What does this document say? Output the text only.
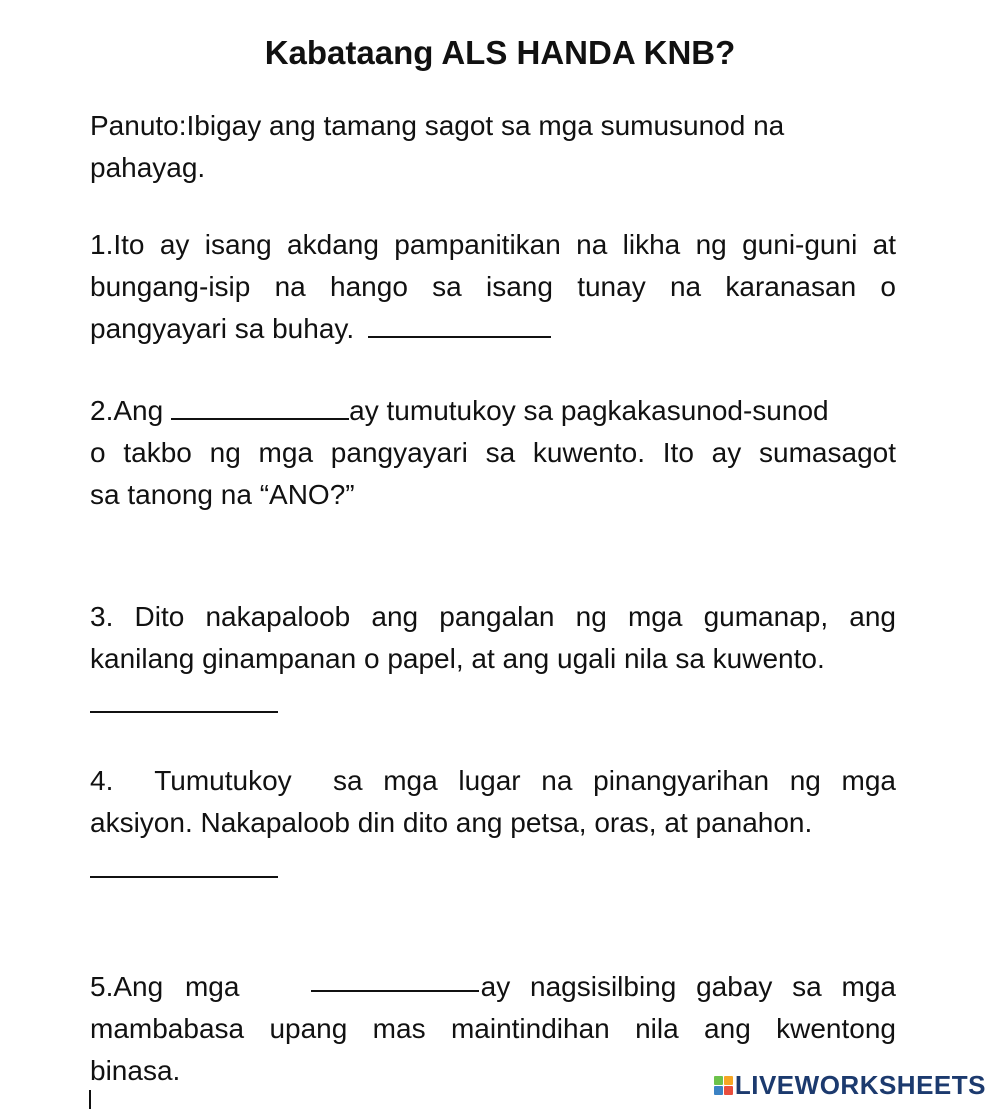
Kabataang ALS HANDA KNB?
Panuto:Ibigay ang tamang sagot sa mga sumusunod na
pahayag.
1.Ito ay isang akdang pampanitikan na likha ng guni-guni at
bungang-isip na hango sa isang tunay na karanasan o
pangyayari sa buhay.
2.Ang	ay tumutukoy sa pagkakasunod-sunod
o takbo ng mga pangyayari sa kuwento. Ito ay sumasagot
sa tanong na “ANO?”
3. Dito nakapaloob ang pangalan ng mga gumanap, ang
kanilang ginampanan o papel, at ang ugali nila sa kuwento.
4.  Tumutukoy  sa mga lugar na pinangyarihan ng mga
aksiyon. Nakapaloob din dito ang petsa, oras, at panahon.
5.Ang mga	ay nagsisilbing gabay sa mga
mambabasa upang mas maintindihan nila ang kwentong
binasa.	LIVEWORKSHEETS
